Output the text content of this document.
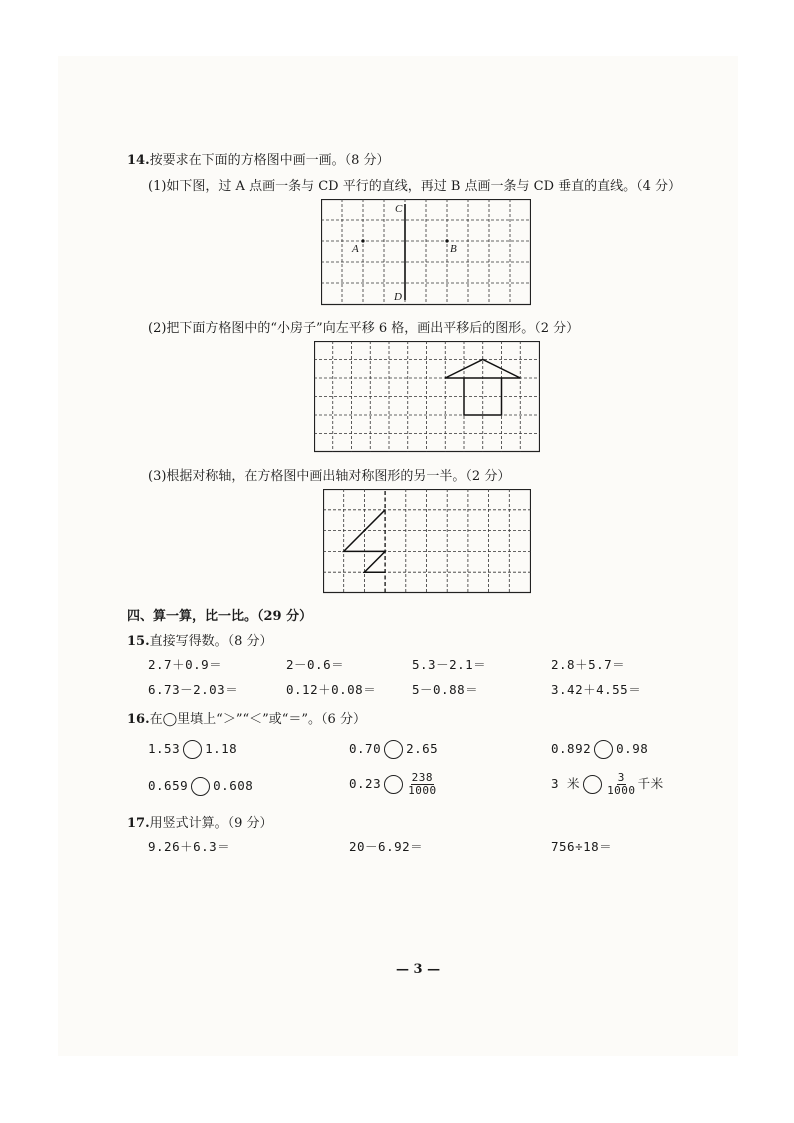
14.按要求在下面的方格图中画一画。（8 分）
(1)如下图，过 A 点画一条与 CD 平行的直线，再过 B 点画一条与 CD 垂直的直线。（4 分）
C
D
A	B
(2)把下面方格图中的“小房子”向左平移 6 格，画出平移后的图形。（2 分）
(3)根据对称轴，在方格图中画出轴对称图形的另一半。（2 分）
四、算一算，比一比。（29 分）
15.直接写得数。（8 分）
2.7＋0.9＝	2－0.6＝	5.3－2.1＝	2.8＋5.7＝
6.73－2.03＝	0.12＋0.08＝	5－0.88＝	3.42＋4.55＝
16.在◯里填上“＞”“＜”或“＝”。（6 分）
1.53 1.18	0.70 2.65	0.892 0.98
0.659 0.608	$0.23 \frac{238}{1000}$	3 米 $\frac{3}{1000}$ 千米
17.用竖式计算。（9 分）
9.26＋6.3＝	20－6.92＝	756÷18＝
— 3 —
